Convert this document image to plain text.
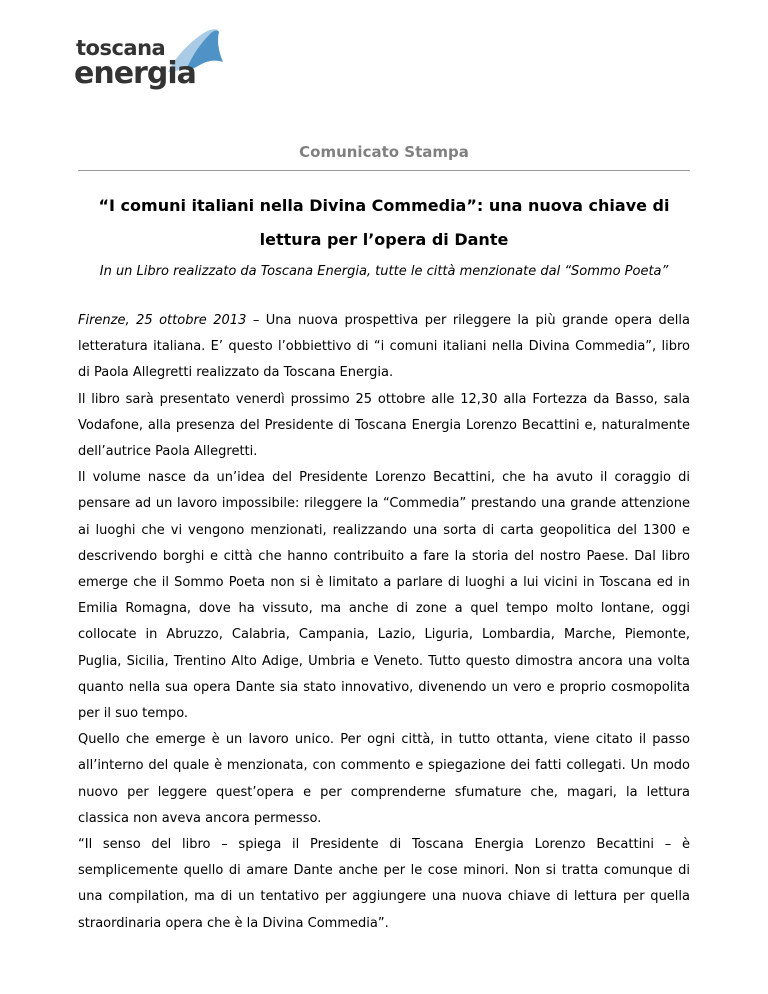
toscana
energia
Comunicato Stampa
“I comuni italiani nella Divina Commedia”: una nuova chiave di lettura per l’opera di Dante

In un Libro realizzato da Toscana Energia, tutte le città menzionate dal “Sommo Poeta”

Firenze, 25 ottobre 2013 – Una nuova prospettiva per rileggere la più grande opera della letteratura italiana. E’ questo l’obbiettivo di “i comuni italiani nella Divina Commedia”, libro di Paola Allegretti realizzato da Toscana Energia.

Il libro sarà presentato venerdì prossimo 25 ottobre alle 12,30 alla Fortezza da Basso, sala Vodafone, alla presenza del Presidente di Toscana Energia Lorenzo Becattini e, naturalmente dell’autrice Paola Allegretti.

Il volume nasce da un’idea del Presidente Lorenzo Becattini, che ha avuto il coraggio di pensare ad un lavoro impossibile: rileggere la “Commedia” prestando una grande attenzione ai luoghi che vi vengono menzionati, realizzando una sorta di carta geopolitica del 1300 e descrivendo borghi e città che hanno contribuito a fare la storia del nostro Paese. Dal libro emerge che il Sommo Poeta non si è limitato a parlare di luoghi a lui vicini in Toscana ed in Emilia Romagna, dove ha vissuto, ma anche di zone a quel tempo molto lontane, oggi collocate in Abruzzo, Calabria, Campania, Lazio, Liguria, Lombardia, Marche, Piemonte, Puglia, Sicilia, Trentino Alto Adige, Umbria e Veneto. Tutto questo dimostra ancora una volta quanto nella sua opera Dante sia stato innovativo, divenendo un vero e proprio cosmopolita per il suo tempo.

Quello che emerge è un lavoro unico. Per ogni città, in tutto ottanta, viene citato il passo all’interno del quale è menzionata, con commento e spiegazione dei fatti collegati. Un modo nuovo per leggere quest’opera e per comprenderne sfumature che, magari, la lettura classica non aveva ancora permesso.

“Il senso del libro – spiega il Presidente di Toscana Energia Lorenzo Becattini – è semplicemente quello di amare Dante anche per le cose minori. Non si tratta comunque di una compilation, ma di un tentativo per aggiungere una nuova chiave di lettura per quella straordinaria opera che è la Divina Commedia”.
